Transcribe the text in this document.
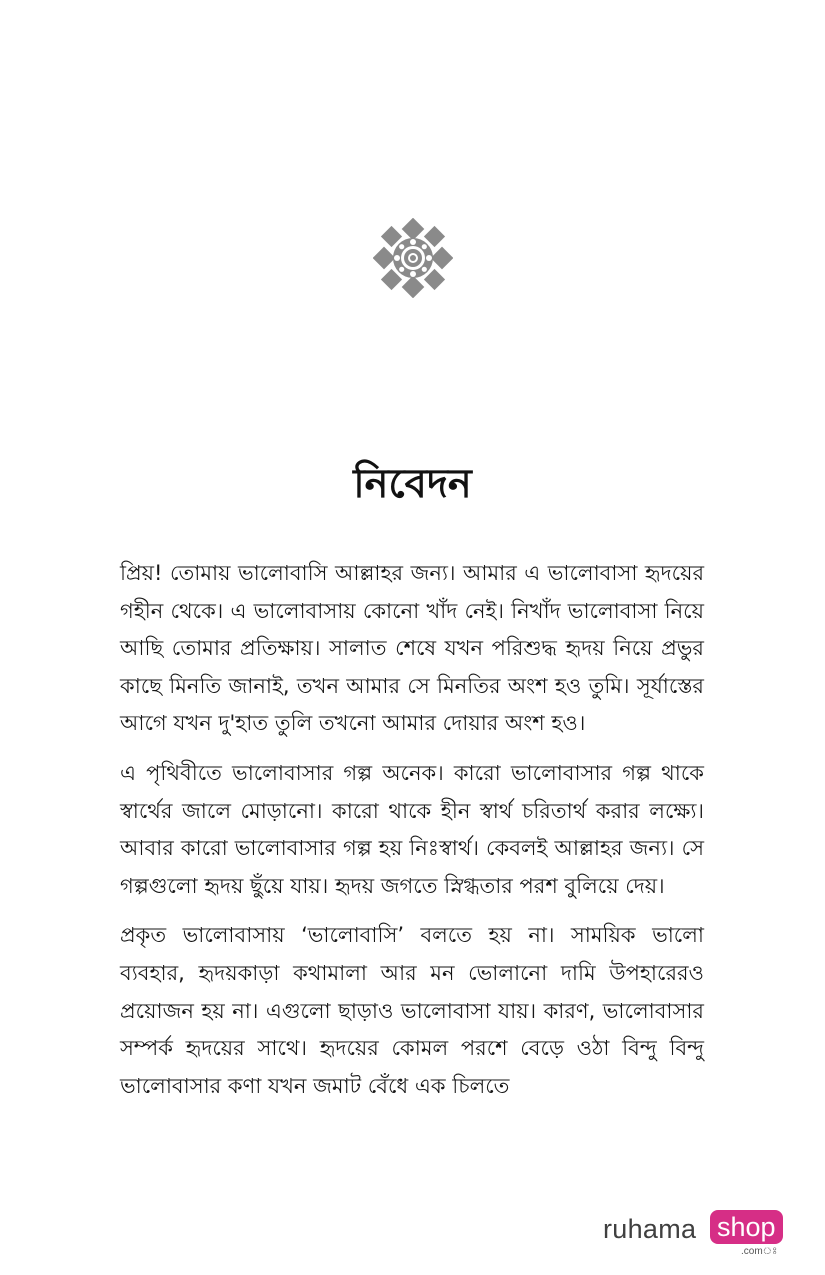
নিবেদন

প্রিয়! তোমায় ভালোবাসি আল্লাহর জন্য। আমার এ ভালোবাসা হৃদয়ের গহীন থেকে। এ ভালোবাসায় কোনো খাঁদ নেই। নিখাঁদ ভালোবাসা নিয়ে আছি তোমার প্রতিক্ষায়। সালাত শেষে যখন পরিশুদ্ধ হৃদয় নিয়ে প্রভুর কাছে মিনতি জানাই, তখন আমার সে মিনতির অংশ হও তুমি। সূর্যাস্তের আগে যখন দু'হাত তুলি তখনো আমার দোয়ার অংশ হও।

এ পৃথিবীতে ভালোবাসার গল্প অনেক। কারো ভালোবাসার গল্প থাকে স্বার্থের জালে মোড়ানো। কারো থাকে হীন স্বার্থ চরিতার্থ করার লক্ষ্যে। আবার কারো ভালোবাসার গল্প হয় নিঃস্বার্থ। কেবলই আল্লাহর জন্য। সে গল্পগুলো হৃদয় ছুঁয়ে যায়। হৃদয় জগতে স্নিগ্ধতার পরশ বুলিয়ে দেয়।

প্রকৃত ভালোবাসায় ‘ভালোবাসি’ বলতে হয় না। সাময়িক ভালো ব্যবহার, হৃদয়কাড়া কথামালা আর মন ভোলানো দামি উপহারেরও প্রয়োজন হয় না। এগুলো ছাড়াও ভালোবাসা যায়। কারণ, ভালোবাসার সম্পর্ক হৃদয়ের সাথে। হৃদয়ের কোমল পরশে বেড়ে ওঠা বিন্দু বিন্দু ভালোবাসার কণা যখন জমাট বেঁধে এক চিলতে

ruhama shop
.comঃ
